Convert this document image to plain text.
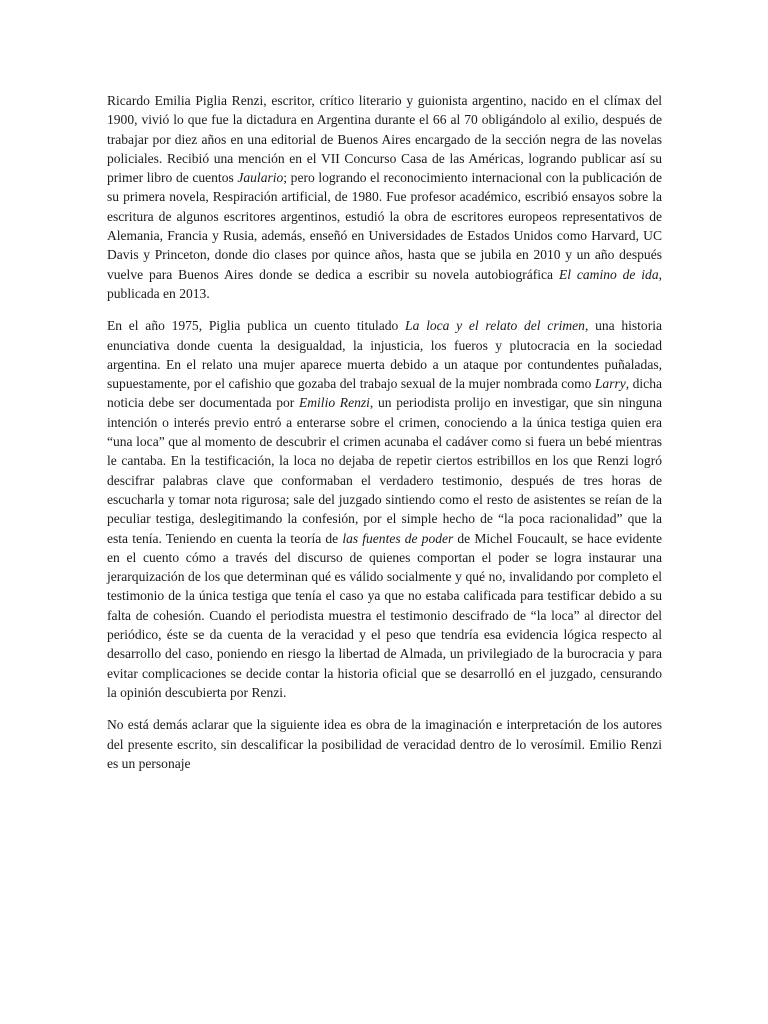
Ricardo Emilia Piglia Renzi, escritor, crítico literario y guionista argentino, nacido en el clímax del 1900, vivió lo que fue la dictadura en Argentina durante el 66 al 70 obligándolo al exilio, después de trabajar por diez años en una editorial de Buenos Aires encargado de la sección negra de las novelas policiales. Recibió una mención en el VII Concurso Casa de las Américas, logrando publicar así su primer libro de cuentos Jaulario; pero logrando el reconocimiento internacional con la publicación de su primera novela, Respiración artificial, de 1980. Fue profesor académico, escribió ensayos sobre la escritura de algunos escritores argentinos, estudió la obra de escritores europeos representativos de Alemania, Francia y Rusia, además, enseñó en Universidades de Estados Unidos como Harvard, UC Davis y Princeton, donde dio clases por quince años, hasta que se jubila en 2010 y un año después vuelve para Buenos Aires donde se dedica a escribir su novela autobiográfica El camino de ida, publicada en 2013.

En el año 1975, Piglia publica un cuento titulado La loca y el relato del crimen, una historia enunciativa donde cuenta la desigualdad, la injusticia, los fueros y plutocracia en la sociedad argentina. En el relato una mujer aparece muerta debido a un ataque por contundentes puñaladas, supuestamente, por el cafishio que gozaba del trabajo sexual de la mujer nombrada como Larry, dicha noticia debe ser documentada por Emilio Renzi, un periodista prolijo en investigar, que sin ninguna intención o interés previo entró a enterarse sobre el crimen, conociendo a la única testiga quien era “una loca” que al momento de descubrir el crimen acunaba el cadáver como si fuera un bebé mientras le cantaba. En la testificación, la loca no dejaba de repetir ciertos estribillos en los que Renzi logró descifrar palabras clave que conformaban el verdadero testimonio, después de tres horas de escucharla y tomar nota rigurosa; sale del juzgado sintiendo como el resto de asistentes se reían de la peculiar testiga, deslegitimando la confesión, por el simple hecho de “la poca racionalidad” que la esta tenía. Teniendo en cuenta la teoría de las fuentes de poder de Michel Foucault, se hace evidente en el cuento cómo a través del discurso de quienes comportan el poder se logra instaurar una jerarquización de los que determinan qué es válido socialmente y qué no, invalidando por completo el testimonio de la única testiga que tenía el caso ya que no estaba calificada para testificar debido a su falta de cohesión. Cuando el periodista muestra el testimonio descifrado de “la loca” al director del periódico, éste se da cuenta de la veracidad y el peso que tendría esa evidencia lógica respecto al desarrollo del caso, poniendo en riesgo la libertad de Almada, un privilegiado de la burocracia y para evitar complicaciones se decide contar la historia oficial que se desarrolló en el juzgado, censurando la opinión descubierta por Renzi.

No está demás aclarar que la siguiente idea es obra de la imaginación e interpretación de los autores del presente escrito, sin descalificar la posibilidad de veracidad dentro de lo verosímil. Emilio Renzi es un personaje
